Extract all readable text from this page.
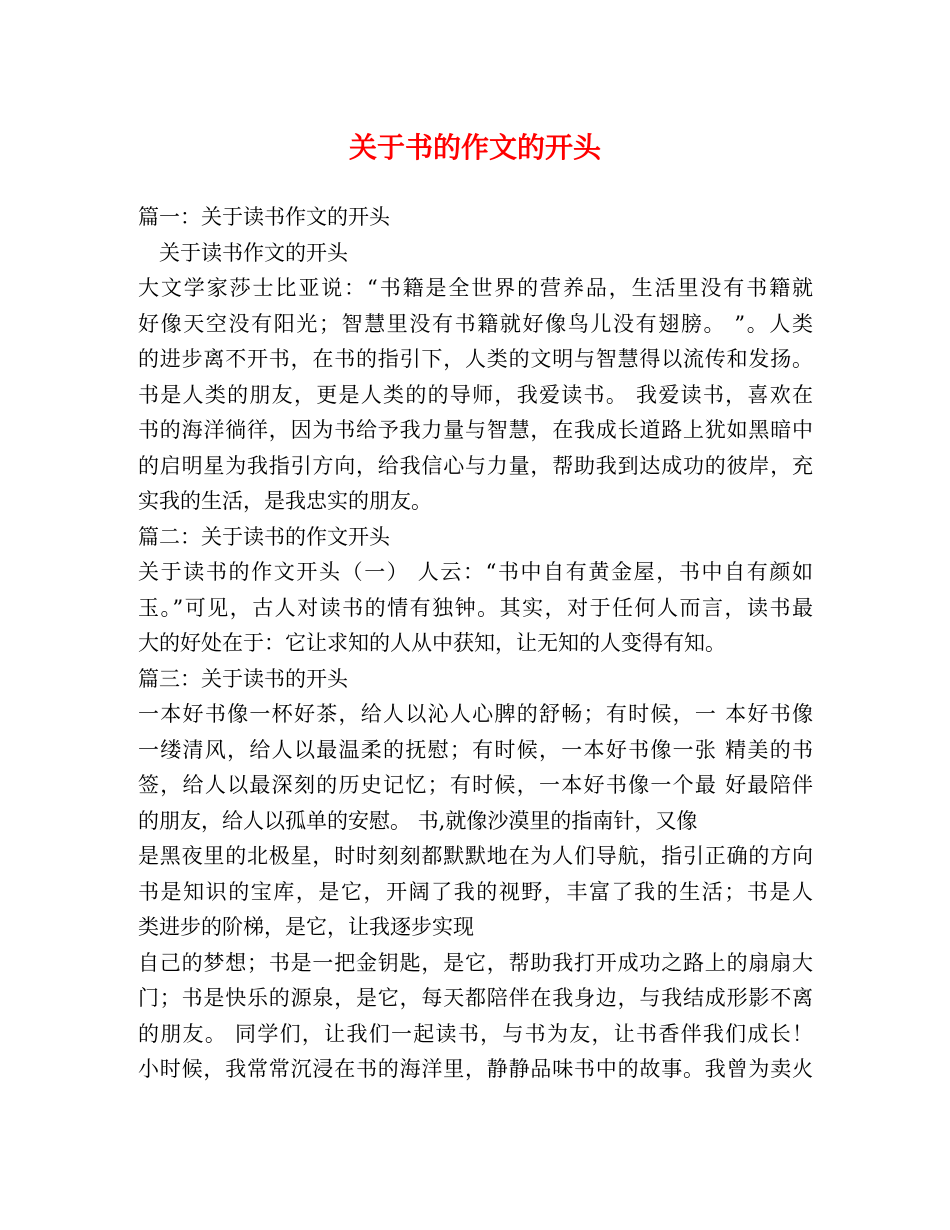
关于书的作文的开头

篇一：关于读书作文的开头

　关于读书作文的开头

大文学家莎士比亚说：“书籍是全世界的营养品，生活里没有书籍就

好像天空没有阳光；智慧里没有书籍就好像鸟儿没有翅膀。 ”。人类

的进步离不开书，在书的指引下，人类的文明与智慧得以流传和发扬。

书是人类的朋友，更是人类的的导师，我爱读书。 我爱读书，喜欢在

书的海洋徜徉，因为书给予我力量与智慧，在我成长道路上犹如黑暗中

的启明星为我指引方向，给我信心与力量，帮助我到达成功的彼岸，充

实我的生活，是我忠实的朋友。

篇二：关于读书的作文开头

关于读书的作文开头（一） 人云：“书中自有黄金屋，书中自有颜如

玉。”可见，古人对读书的情有独钟。其实，对于任何人而言，读书最

大的好处在于：它让求知的人从中获知，让无知的人变得有知。

篇三：关于读书的开头

一本好书像一杯好茶，给人以沁人心脾的舒畅；有时候，一 本好书像

一缕清风，给人以最温柔的抚慰；有时候，一本好书像一张 精美的书

签，给人以最深刻的历史记忆；有时候，一本好书像一个最 好最陪伴

的朋友，给人以孤单的安慰。 书,就像沙漠里的指南针，又像

是黑夜里的北极星，时时刻刻都默默地在为人们导航，指引正确的方向

书是知识的宝库，是它，开阔了我的视野，丰富了我的生活；书是人

类进步的阶梯，是它，让我逐步实现

自己的梦想；书是一把金钥匙，是它，帮助我打开成功之路上的扇扇大

门；书是快乐的源泉，是它，每天都陪伴在我身边，与我结成形影不离

的朋友。 同学们，让我们一起读书，与书为友，让书香伴我们成长！

小时候，我常常沉浸在书的海洋里，静静品味书中的故事。我曾为卖火
